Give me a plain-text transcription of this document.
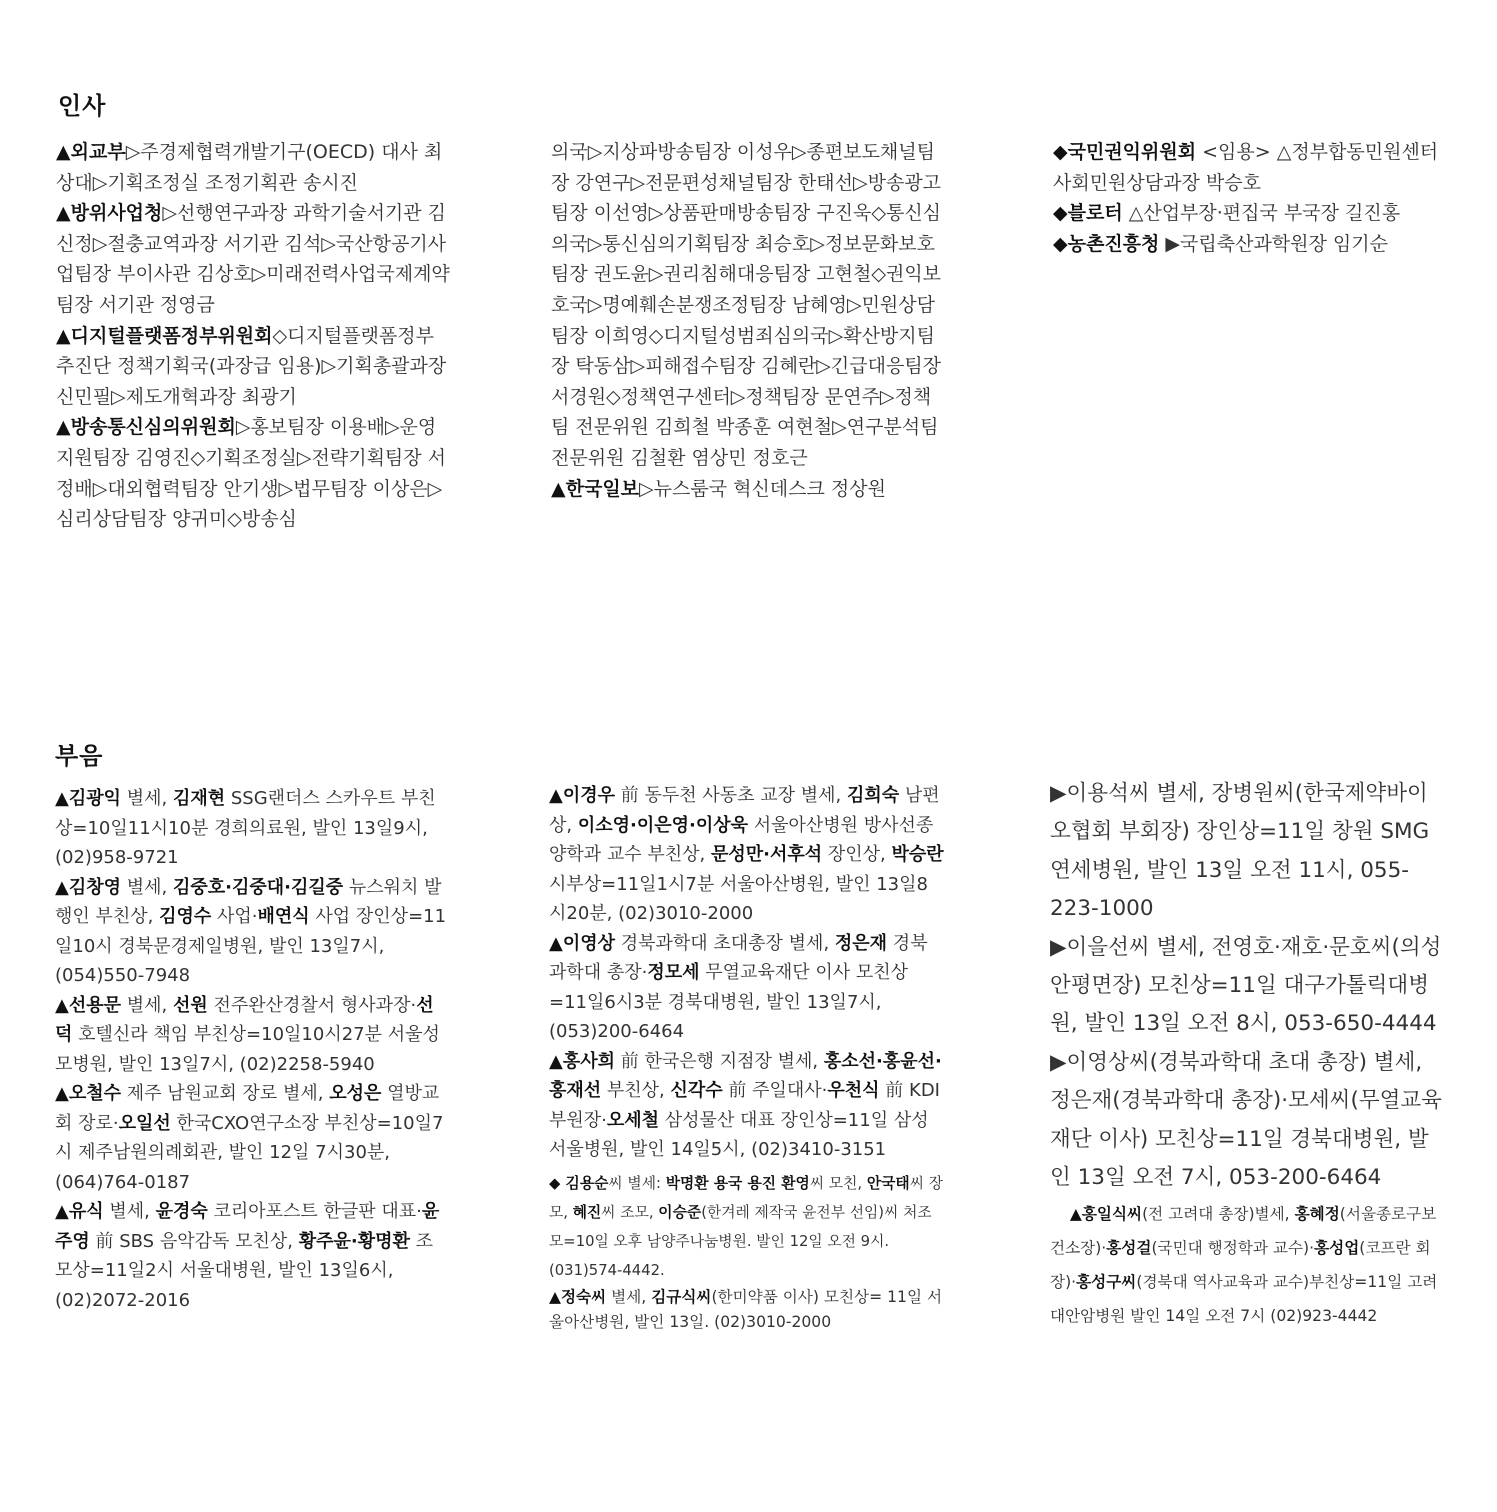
인사

▲외교부▷주경제협력개발기구(OECD) 대사 최상대▷기획조정실 조정기획관 송시진

▲방위사업청▷선행연구과장 과학기술서기관 김신정▷절충교역과장 서기관 김석▷국산항공기사업팀장 부이사관 김상호▷미래전력사업국제계약팀장 서기관 정영금

▲디지털플랫폼정부위원회◇디지털플랫폼정부추진단 정책기획국(과장급 임용)▷기획총괄과장 신민필▷제도개혁과장 최광기

▲방송통신심의위원회▷홍보팀장 이용배▷운영지원팀장 김영진◇기획조정실▷전략기획팀장 서정배▷대외협력팀장 안기생▷법무팀장 이상은▷심리상담팀장 양귀미◇방송심

의국▷지상파방송팀장 이성우▷종편보도채널팀장 강연구▷전문편성채널팀장 한태선▷방송광고팀장 이선영▷상품판매방송팀장 구진욱◇통신심의국▷통신심의기획팀장 최승호▷정보문화보호팀장 권도윤▷권리침해대응팀장 고현철◇권익보호국▷명예훼손분쟁조정팀장 남혜영▷민원상담팀장 이희영◇디지털성범죄심의국▷확산방지팀장 탁동삼▷피해접수팀장 김혜란▷긴급대응팀장 서경원◇정책연구센터▷정책팀장 문연주▷정책팀 전문위원 김희철 박종훈 여현철▷연구분석팀 전문위원 김철환 염상민 정호근

▲한국일보▷뉴스룸국 혁신데스크 정상원

◆국민권익위원회 <임용> △정부합동민원센터 사회민원상담과장 박승호

◆블로터 △산업부장·편집국 부국장 길진홍

◆농촌진흥청 ▶국립축산과학원장 임기순

부음

▲김광익 별세, 김재현 SSG랜더스 스카우트 부친상=10일11시10분 경희의료원, 발인 13일9시, (02)958-9721

▲김창영 별세, 김중호·김중대·김길중 뉴스워치 발행인 부친상, 김영수 사업·배연식 사업 장인상=11일10시 경북문경제일병원, 발인 13일7시, (054)550-7948

▲선용문 별세, 선원 전주완산경찰서 형사과장·선덕 호텔신라 책임 부친상=10일10시27분 서울성모병원, 발인 13일7시, (02)2258-5940

▲오철수 제주 남원교회 장로 별세, 오성은 열방교회 장로·오일선 한국CXO연구소장 부친상=10일7시 제주남원의례회관, 발인 12일 7시30분, (064)764-0187

▲유식 별세, 윤경숙 코리아포스트 한글판 대표·윤주영 前 SBS 음악감독 모친상, 황주윤·황명환 조모상=11일2시 서울대병원, 발인 13일6시, (02)2072-2016

▲이경우 前 동두천 사동초 교장 별세, 김희숙 남편상, 이소영·이은영·이상욱 서울아산병원 방사선종양학과 교수 부친상, 문성만·서후석 장인상, 박승란 시부상=11일1시7분 서울아산병원, 발인 13일8시20분, (02)3010-2000

▲이영상 경북과학대 초대총장 별세, 정은재 경북과학대 총장·정모세 무열교육재단 이사 모친상=11일6시3분 경북대병원, 발인 13일7시, (053)200-6464

▲홍사희 前 한국은행 지점장 별세, 홍소선·홍윤선·홍재선 부친상, 신각수 前 주일대사·우천식 前 KDI 부원장·오세철 삼성물산 대표 장인상=11일 삼성서울병원, 발인 14일5시, (02)3410-3151

◆ 김용순씨 별세: 박명환 용국 용진 환영씨 모친, 안국태씨 장모, 혜진씨 조모, 이승준(한겨레 제작국 윤전부 선임)씨 처조모=10일 오후 남양주나눔병원. 발인 12일 오전 9시. (031)574-4442.

▲정숙씨 별세, 김규식씨(한미약품 이사) 모친상= 11일 서울아산병원, 발인 13일. (02)3010-2000

▶이용석씨 별세, 장병원씨(한국제약바이오협회 부회장) 장인상=11일 창원 SMG연세병원, 발인 13일 오전 11시, 055-223-1000

▶이을선씨 별세, 전영호·재호·문호씨(의성 안평면장) 모친상=11일 대구가톨릭대병원, 발인 13일 오전 8시, 053-650-4444

▶이영상씨(경북과학대 초대 총장) 별세, 정은재(경북과학대 총장)·모세씨(무열교육재단 이사) 모친상=11일 경북대병원, 발인 13일 오전 7시, 053-200-6464

▲홍일식씨(전 고려대 총장)별세, 홍혜정(서울종로구보건소장)·홍성걸(국민대 행정학과 교수)·홍성업(코프란 회장)·홍성구씨(경북대 역사교육과 교수)부친상=11일 고려대안암병원 발인 14일 오전 7시 (02)923-4442
